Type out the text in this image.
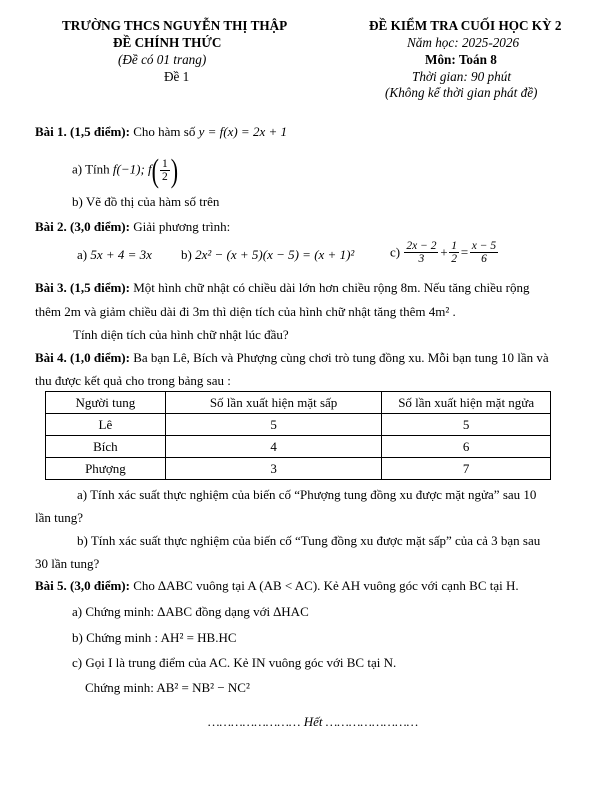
TRƯỜNG THCS NGUYỄN THỊ THẬP
ĐỀ CHÍNH THỨC
(Đề có 01 trang)
Đề 1
ĐỀ KIỂM TRA CUỐI HỌC KỲ 2
Năm học: 2025-2026
Môn: Toán 8
Thời gian: 90 phút
(Không kể thời gian phát đề)
Bài 1. (1,5 điểm): Cho hàm số y = f(x) = 2x + 1
a) Tính f(−1); $f( \frac{1}{2}$ )
b) Vẽ đồ thị của hàm số trên
Bài 2. (3,0 điểm): Giải phương trình:
a) 5x + 4 = 3x b) 2x² − (x + 5)(x − 5) = (x + 1)²	$c) \frac{2x - 2}{3} + \frac{1}{2} = \frac{x - 5}{6}$
Bài 3. (1,5 điểm): Một hình chữ nhật có chiều dài lớn hơn chiều rộng 8m. Nếu tăng chiều rộng
thêm 2m và giảm chiều dài đi 3m thì diện tích của hình chữ nhật tăng thêm 4m² .
Tính diện tích của hình chữ nhật lúc đầu?
Bài 4. (1,0 điểm): Ba bạn Lê, Bích và Phượng cùng chơi trò tung đồng xu. Mỗi bạn tung 10 lần và
thu được kết quả cho trong bảng sau :
Người tung	Số lần xuất hiện mặt sấp	Số lần xuất hiện mặt ngửa
Lê	5	5
Bích	4	6
Phượng	3	7
a) Tính xác suất thực nghiệm của biến cố “Phượng tung đồng xu được mặt ngửa” sau 10
lần tung?
b) Tính xác suất thực nghiệm của biến cố “Tung đồng xu được mặt sấp” của cả 3 bạn sau
30 lần tung?
Bài 5. (3,0 điểm): Cho ∆ABC vuông tại A (AB < AC). Kẻ AH vuông góc với cạnh BC tại H.
a) Chứng minh: ∆ABC đồng dạng với ∆HAC
b) Chứng minh : AH² = HB.HC
c) Gọi I là trung điểm của AC. Kẻ IN vuông góc với BC tại N.
Chứng minh: AB² = NB² − NC²
…………………… Hết ……………………
